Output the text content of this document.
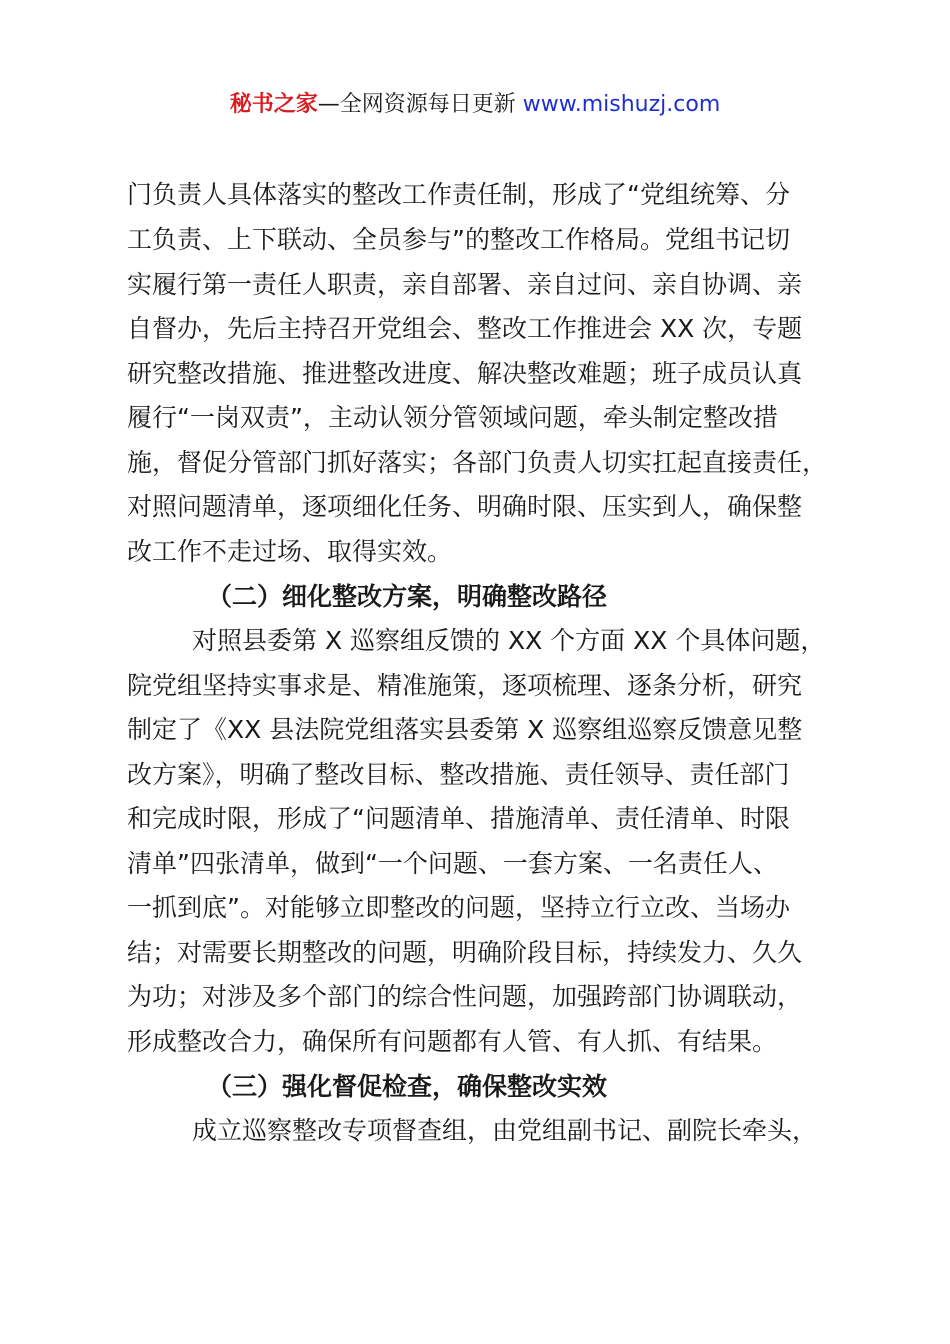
秘书之家—全网资源每日更新 www.mishuzj.com
门负责人具体落实的整改工作责任制，形成了“党组统筹、分
工负责、上下联动、全员参与”的整改工作格局。党组书记切
实履行第一责任人职责，亲自部署、亲自过问、亲自协调、亲
自督办，先后主持召开党组会、整改工作推进会 XX 次，专题
研究整改措施、推进整改进度、解决整改难题；班子成员认真
履行“一岗双责”，主动认领分管领域问题，牵头制定整改措
施，督促分管部门抓好落实；各部门负责人切实扛起直接责任，
对照问题清单，逐项细化任务、明确时限、压实到人，确保整
改工作不走过场、取得实效。
（二）细化整改方案，明确整改路径
对照县委第 X 巡察组反馈的 XX 个方面 XX 个具体问题，
院党组坚持实事求是、精准施策，逐项梳理、逐条分析，研究
制定了《XX 县法院党组落实县委第 X 巡察组巡察反馈意见整
改方案》，明确了整改目标、整改措施、责任领导、责任部门
和完成时限，形成了“问题清单、措施清单、责任清单、时限
清单”四张清单，做到“一个问题、一套方案、一名责任人、
一抓到底”。对能够立即整改的问题，坚持立行立改、当场办
结；对需要长期整改的问题，明确阶段目标，持续发力、久久
为功；对涉及多个部门的综合性问题，加强跨部门协调联动，
形成整改合力，确保所有问题都有人管、有人抓、有结果。
（三）强化督促检查，确保整改实效
成立巡察整改专项督查组，由党组副书记、副院长牵头，
